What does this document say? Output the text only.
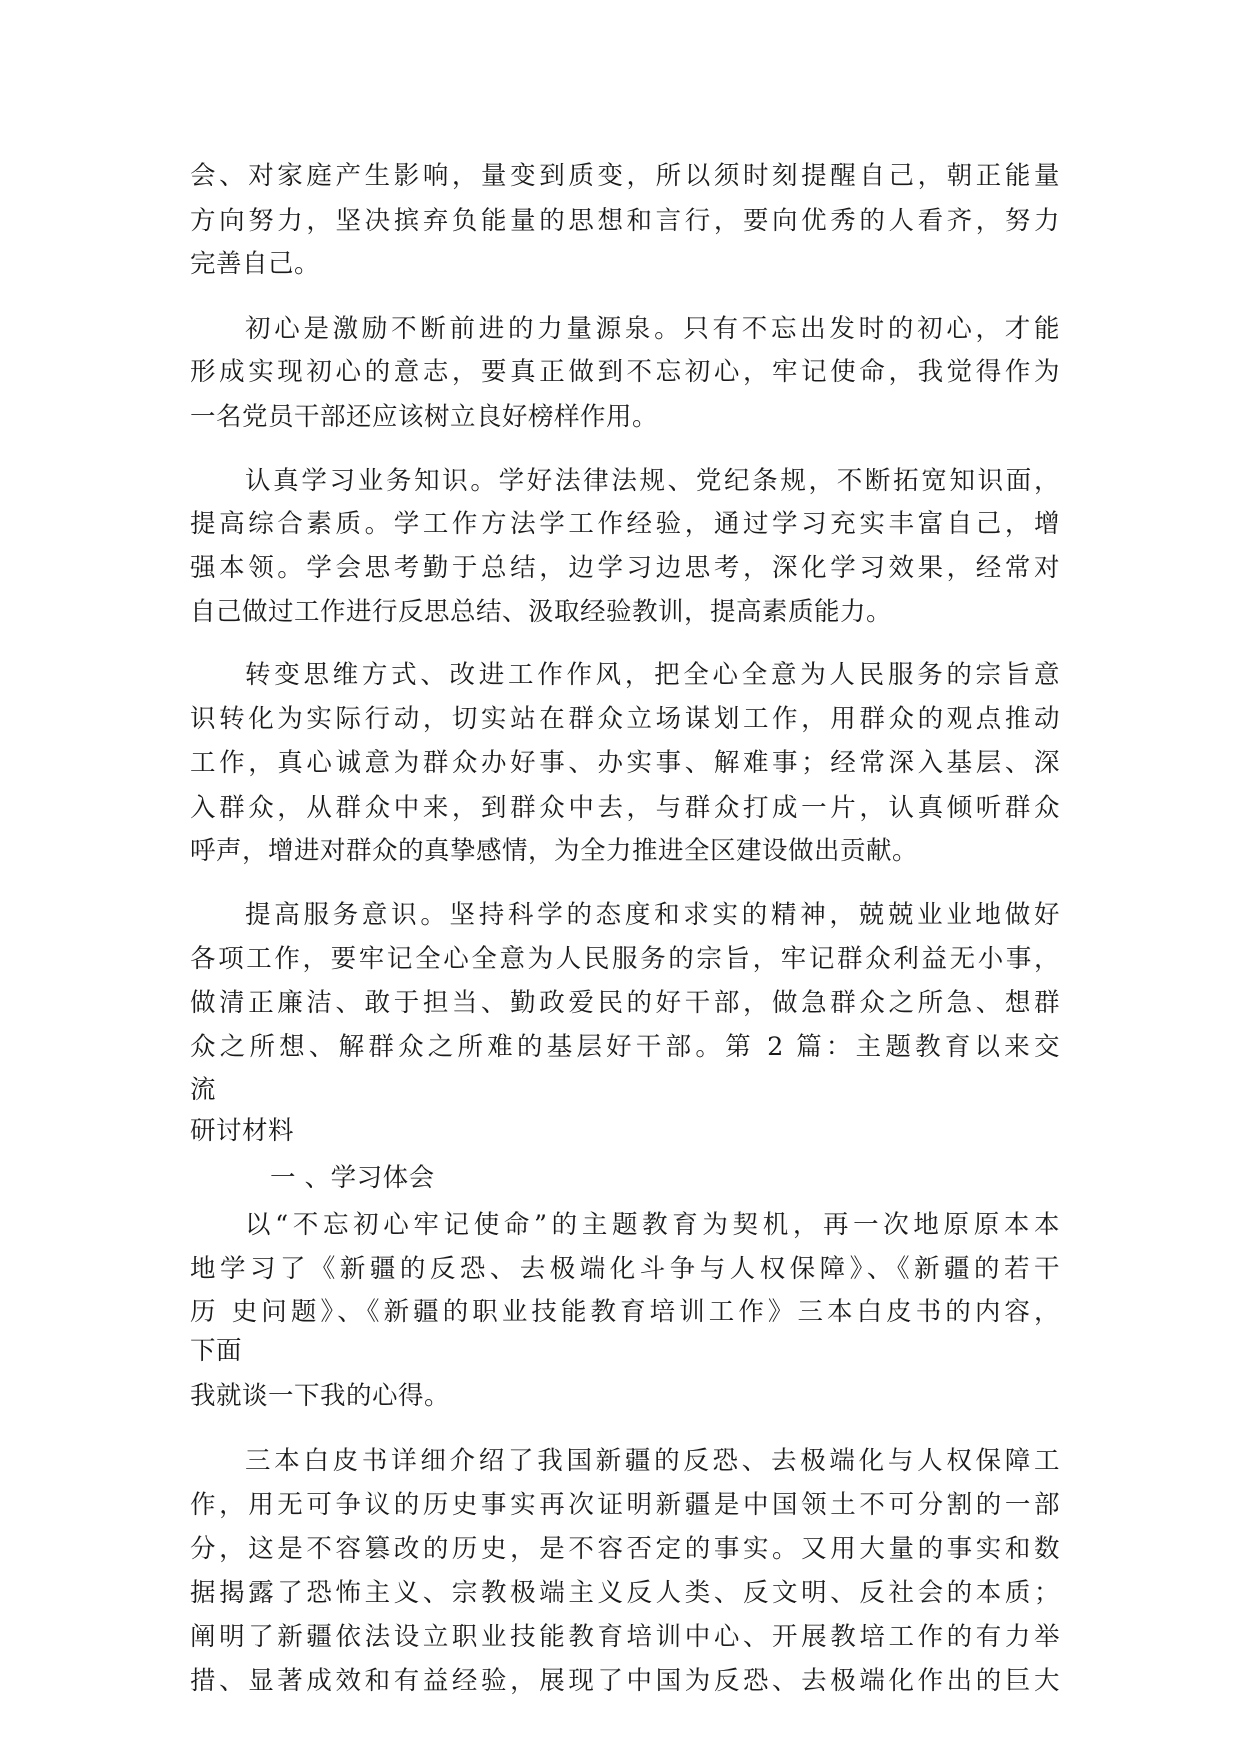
会、对家庭产生影响，量变到质变，所以须时刻提醒自己，朝正能量
方向努力，坚决摈弃负能量的思想和言行，要向优秀的人看齐，努力
完善自己。
初心是激励不断前进的力量源泉。只有不忘出发时的初心，才能
形成实现初心的意志，要真正做到不忘初心，牢记使命，我觉得作为
一名党员干部还应该树立良好榜样作用。
认真学习业务知识。学好法律法规、党纪条规，不断拓宽知识面，
提高综合素质。学工作方法学工作经验，通过学习充实丰富自己，增
强本领。学会思考勤于总结，边学习边思考，深化学习效果，经常对
自己做过工作进行反思总结、汲取经验教训，提高素质能力。
转变思维方式、改进工作作风，把全心全意为人民服务的宗旨意
识转化为实际行动，切实站在群众立场谋划工作，用群众的观点推动
工作，真心诚意为群众办好事、办实事、解难事；经常深入基层、深
入群众，从群众中来，到群众中去，与群众打成一片，认真倾听群众
呼声，增进对群众的真挚感情，为全力推进全区建设做出贡献。
提高服务意识。坚持科学的态度和求实的精神，兢兢业业地做好
各项工作，要牢记全心全意为人民服务的宗旨，牢记群众利益无小事，
做清正廉洁、敢于担当、勤政爱民的好干部，做急群众之所急、想群
众之所想、解群众之所难的基层好干部。第 2 篇：主题教育以来交
流
研讨材料
一 、学习体会
以“不忘初心牢记使命”的主题教育为契机，再一次地原原本本
地学习了《新疆的反恐、去极端化斗争与人权保障》、《新疆的若干
历 史问题》、《新疆的职业技能教育培训工作》三本白皮书的内容，
下面
我就谈一下我的心得。
三本白皮书详细介绍了我国新疆的反恐、去极端化与人权保障工
作，用无可争议的历史事实再次证明新疆是中国领土不可分割的一部
分，这是不容篡改的历史，是不容否定的事实。又用大量的事实和数
据揭露了恐怖主义、宗教极端主义反人类、反文明、反社会的本质；
阐明了新疆依法设立职业技能教育培训中心、开展教培工作的有力举
措、显著成效和有益经验，展现了中国为反恐、去极端化作出的巨大
